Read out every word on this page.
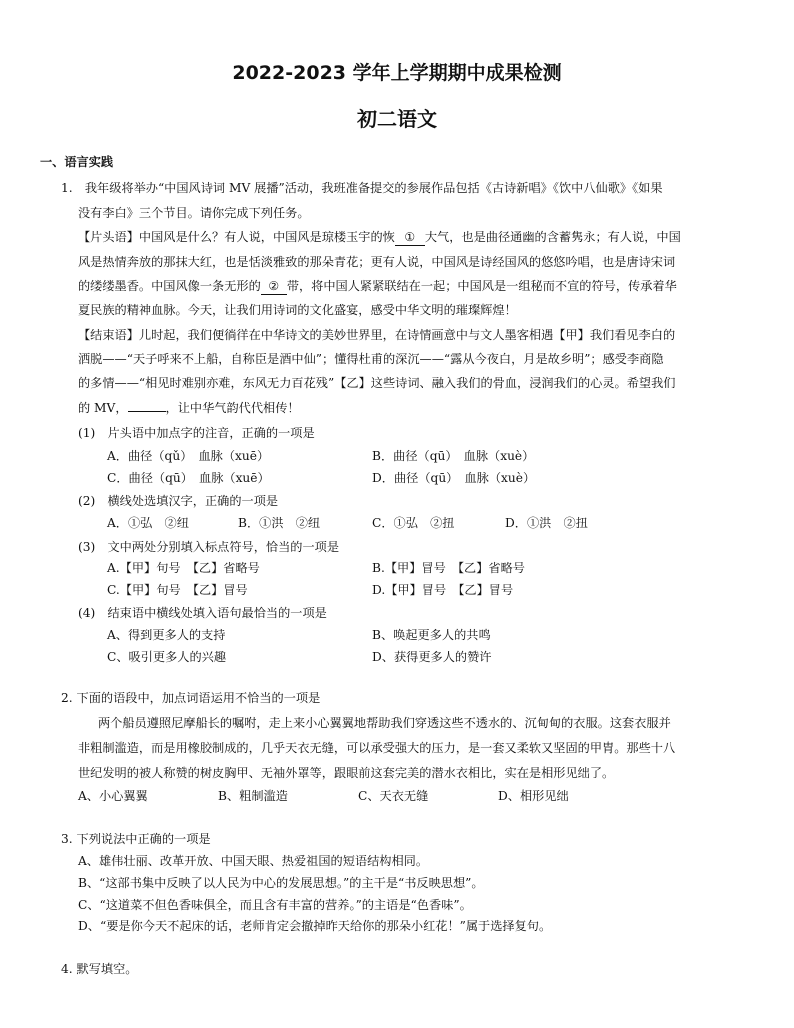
2022-2023 学年上学期期中成果检测
初二语文
一、语言实践
1.　我年级将举办“中国风诗词 MV 展播”活动，我班准备提交的参展作品包括《古诗新唱》《饮中八仙歌》《如果
没有李白》三个节目。请你完成下列任务。
【片头语】中国风是什么？有人说，中国风是琼楼玉宇的恢 ① 大气，也是曲径通幽的含蓄隽永；有人说，中国
风是热情奔放的那抹大红，也是恬淡雅致的那朵青花；更有人说，中国风是诗经国风的悠悠吟唱，也是唐诗宋词
的缕缕墨香。中国风像一条无形的 ② 带，将中国人紧紧联结在一起；中国风是一组秘而不宣的符号，传承着华
夏民族的精神血脉。今天，让我们用诗词的文化盛宴，感受中华文明的璀璨辉煌！
【结束语】儿时起，我们便徜徉在中华诗文的美妙世界里，在诗情画意中与文人墨客相遇【甲】我们看见李白的
洒脱——“天子呼来不上船，自称臣是酒中仙”；懂得杜甫的深沉——“露从今夜白，月是故乡明”；感受李商隐
的多情——“相见时难别亦难，东风无力百花残”【乙】这些诗词、融入我们的骨血，浸润我们的心灵。希望我们
的 MV，	，让中华气韵代代相传！
(1)　片头语中加点字的注音，正确的一项是
A．曲径（qǔ）　血脉（xuē）	B．曲径（qū）　血脉（xuè）
C．曲径（qū）　血脉（xuē）	D．曲径（qū）　血脉（xuè）
(2)　横线处选填汉字，正确的一项是
A．①弘　②纽	B．①洪　②纽	C．①弘　②扭	D．①洪　②扭
(3)　文中两处分别填入标点符号，恰当的一项是
A.【甲】句号　【乙】省略号	B.【甲】冒号　【乙】省略号
C.【甲】句号　【乙】冒号	D.【甲】冒号　【乙】冒号
(4)　结束语中横线处填入语句最恰当的一项是
A、得到更多人的支持	B、唤起更多人的共鸣
C、吸引更多人的兴趣	D、获得更多人的赞许
2. 下面的语段中，加点词语运用不恰当的一项是
两个船员遵照尼摩船长的嘱咐，走上来小心翼翼地帮助我们穿透这些不透水的、沉甸甸的衣服。这套衣服并
非粗制滥造，而是用橡胶制成的，几乎天衣无缝，可以承受强大的压力，是一套又柔软又坚固的甲胄。那些十八
世纪发明的被人称赞的树皮胸甲、无袖外罩等，跟眼前这套完美的潜水衣相比，实在是相形见绌了。
A、小心翼翼	B、粗制滥造	C、天衣无缝	D、相形见绌
3. 下列说法中正确的一项是
A、雄伟壮丽、改革开放、中国天眼、热爱祖国的短语结构相同。
B、“这部书集中反映了以人民为中心的发展思想。”的主干是“书反映思想”。
C、“这道菜不但色香味俱全，而且含有丰富的营养。”的主语是“色香味”。
D、“要是你今天不起床的话，老师肯定会撤掉昨天给你的那朵小红花！”属于选择复句。
4. 默写填空。
